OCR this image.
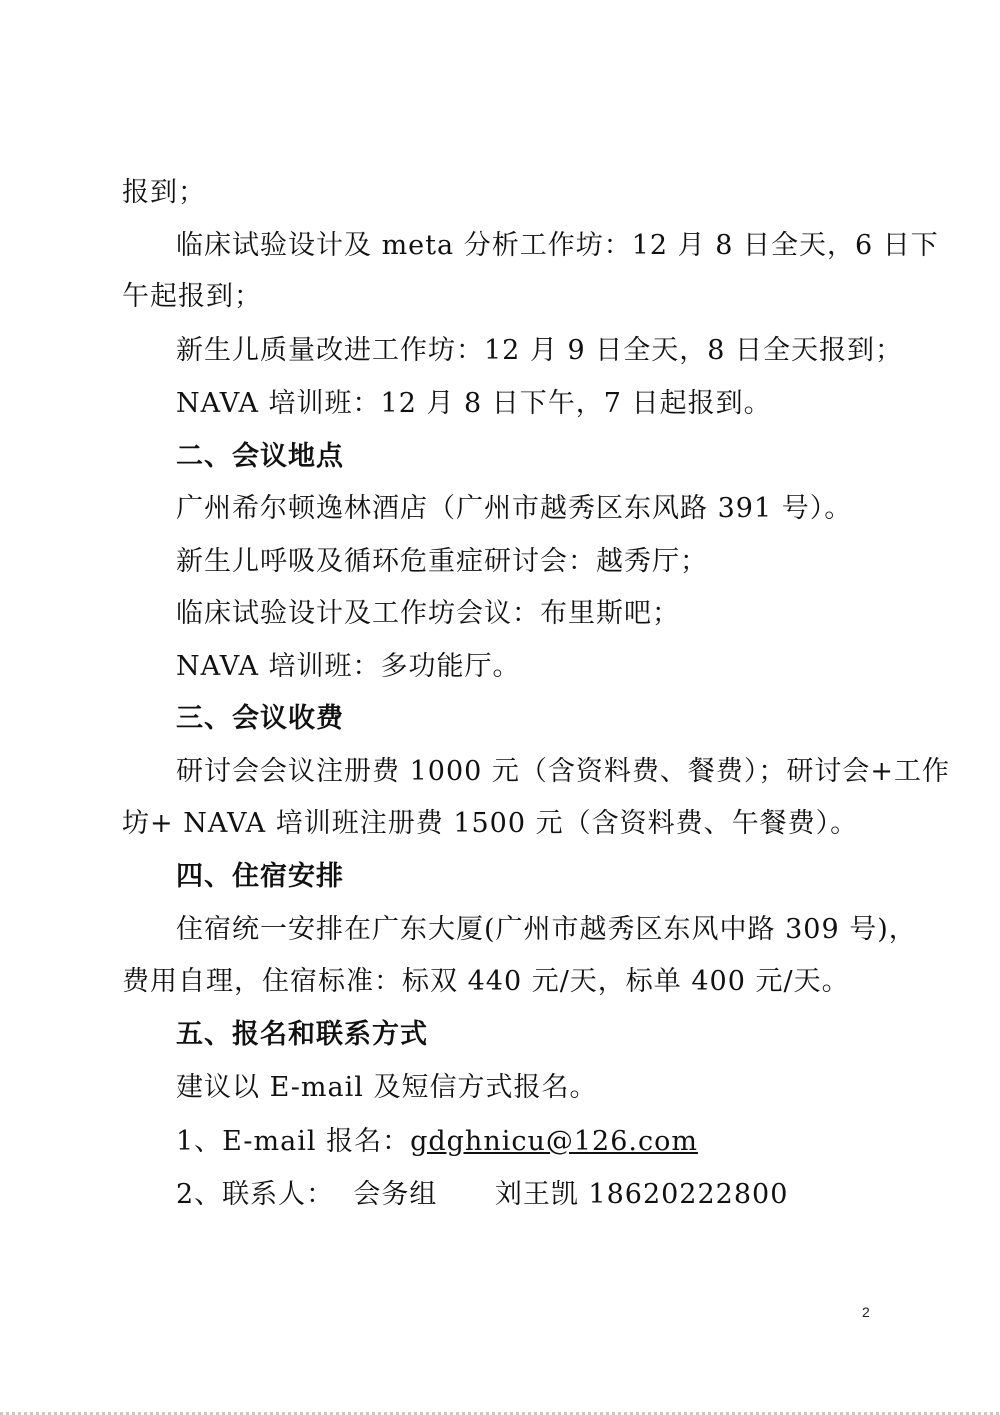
报到；
临床试验设计及 meta 分析工作坊：12 月 8 日全天，6 日下
午起报到；
新生儿质量改进工作坊：12 月 9 日全天，8 日全天报到；
NAVA 培训班：12 月 8 日下午，7 日起报到。
二、会议地点
广州希尔顿逸林酒店（广州市越秀区东风路 391 号）。
新生儿呼吸及循环危重症研讨会：越秀厅；
临床试验设计及工作坊会议：布里斯吧；
NAVA 培训班：多功能厅。
三、会议收费
研讨会会议注册费 1000 元（含资料费、餐费）；研讨会+工作
坊+ NAVA 培训班注册费 1500 元（含资料费、午餐费）。
四、住宿安排
住宿统一安排在广东大厦(广州市越秀区东风中路 309 号)，
费用自理，住宿标准：标双 440 元/天，标单 400 元/天。
五、报名和联系方式
建议以 E-mail 及短信方式报名。
1、E-mail 报名：gdghnicu@126.com
2、联系人：  会务组      刘王凯 18620222800
2
